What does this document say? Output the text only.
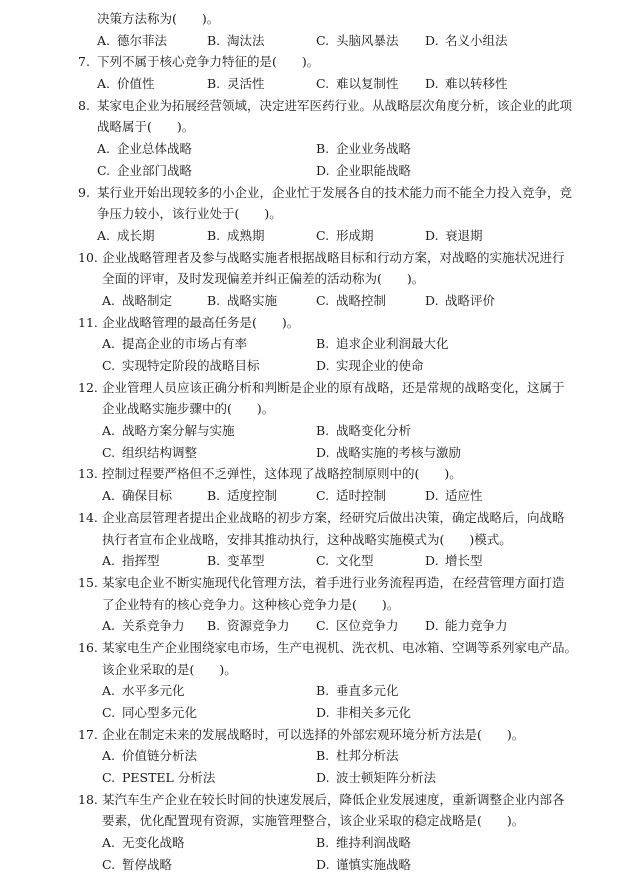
决策方法称为(　　)。
A. 德尔菲法	B. 淘汰法	C. 头脑风暴法 D. 名义小组法
7. 下列不属于核心竞争力特征的是(　　)。
A. 价值性	B. 灵活性	C. 难以复制性 D. 难以转移性
8. 某家电企业为拓展经营领域，决定进军医药行业。从战略层次角度分析，该企业的此项
战略属于(　　)。
A. 企业总体战略	B. 企业业务战略
C. 企业部门战略	D. 企业职能战略
9. 某行业开始出现较多的小企业，企业忙于发展各自的技术能力而不能全力投入竞争，竞
争压力较小，该行业处于(　　)。
A. 成长期	B. 成熟期	C. 形成期	D. 衰退期
10. 企业战略管理者及参与战略实施者根据战略目标和行动方案，对战略的实施状况进行
全面的评审，及时发现偏差并纠正偏差的活动称为(　　)。
A. 战略制定	B. 战略实施	C. 战略控制	D. 战略评价
11. 企业战略管理的最高任务是(　　)。
A. 提高企业的市场占有率	B. 追求企业利润最大化
C. 实现特定阶段的战略目标	D. 实现企业的使命
12. 企业管理人员应该正确分析和判断是企业的原有战略，还是常规的战略变化，这属于
企业战略实施步骤中的(　　)。
A. 战略方案分解与实施	B. 战略变化分析
C. 组织结构调整	D. 战略实施的考核与激励
13. 控制过程要严格但不乏弹性，这体现了战略控制原则中的(　　)。
A. 确保目标	B. 适度控制	C. 适时控制	D. 适应性
14. 企业高层管理者提出企业战略的初步方案，经研究后做出决策，确定战略后，向战略
执行者宣布企业战略，安排其推动执行，这种战略实施模式为(　　)模式。
A. 指挥型	B. 变革型	C. 文化型	D. 增长型
15. 某家电企业不断实施现代化管理方法，着手进行业务流程再造，在经营管理方面打造
了企业特有的核心竞争力。这种核心竞争力是(　　)。
A. 关系竞争力 B. 资源竞争力 C. 区位竞争力 D. 能力竞争力
16. 某家电生产企业围绕家电市场，生产电视机、洗衣机、电冰箱、空调等系列家电产品。
该企业采取的是(　　)。
A. 水平多元化	B. 垂直多元化
C. 同心型多元化	D. 非相关多元化
17. 企业在制定未来的发展战略时，可以选择的外部宏观环境分析方法是(　　)。
A. 价值链分析法	B. 杜邦分析法
C. PESTEL 分析法	D. 波士顿矩阵分析法
18. 某汽车生产企业在较长时间的快速发展后，降低企业发展速度，重新调整企业内部各
要素，优化配置现有资源，实施管理整合，该企业采取的稳定战略是(　　)。
A. 无变化战略	B. 维持利润战略
C. 暂停战略	D. 谨慎实施战略
